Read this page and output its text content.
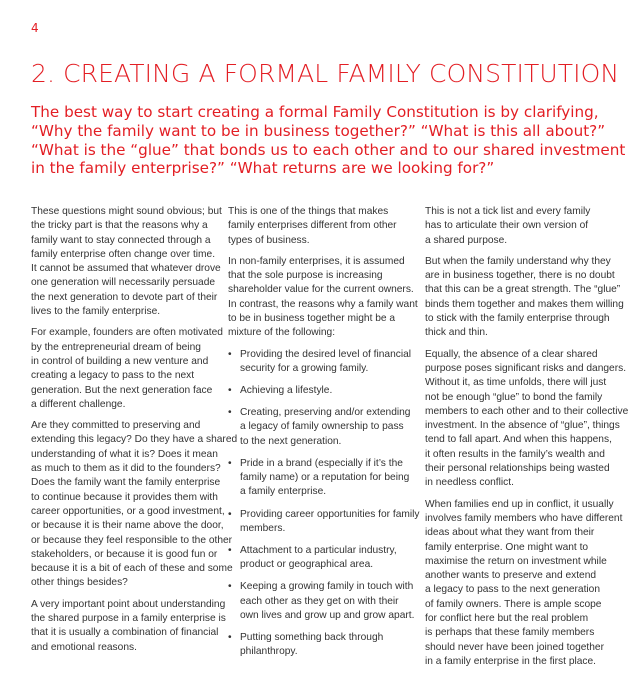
4
2. CREATING A FORMAL FAMILY CONSTITUTION
The best way to start creating a formal Family Constitution is by clarifying,
“Why the family want to be in business together?” “What is this all about?”
“What is the “glue” that bonds us to each other and to our shared investment
in the family enterprise?” “What returns are we looking for?”

These questions might sound obvious; but
the tricky part is that the reasons why a
family want to stay connected through a
family enterprise often change over time.
It cannot be assumed that whatever drove
one generation will necessarily persuade
the next generation to devote part of their
lives to the family enterprise.

For example, founders are often motivated
by the entrepreneurial dream of being
in control of building a new venture and
creating a legacy to pass to the next
generation. But the next generation face
a different challenge.

Are they committed to preserving and
extending this legacy? Do they have a shared
understanding of what it is? Does it mean
as much to them as it did to the founders?
Does the family want the family enterprise
to continue because it provides them with
career opportunities, or a good investment,
or because it is their name above the door,
or because they feel responsible to the other
stakeholders, or because it is good fun or
because it is a bit of each of these and some
other things besides?

A very important point about understanding
the shared purpose in a family enterprise is
that it is usually a combination of financial
and emotional reasons.

This is one of the things that makes
family enterprises different from other
types of business.

In non-family enterprises, it is assumed
that the sole purpose is increasing
shareholder value for the current owners.
In contrast, the reasons why a family want
to be in business together might be a
mixture of the following:

• Providing the desired level of financial
security for a growing family.
• Achieving a lifestyle.
• Creating, preserving and/or extending
a legacy of family ownership to pass
to the next generation.
• Pride in a brand (especially if it’s the
family name) or a reputation for being
a family enterprise.
• Providing career opportunities for family
members.
• Attachment to a particular industry,
product or geographical area.
• Keeping a growing family in touch with
each other as they get on with their
own lives and grow up and grow apart.
• Putting something back through
philanthropy.

This is not a tick list and every family
has to articulate their own version of
a shared purpose.

But when the family understand why they
are in business together, there is no doubt
that this can be a great strength. The “glue”
binds them together and makes them willing
to stick with the family enterprise through
thick and thin.

Equally, the absence of a clear shared
purpose poses significant risks and dangers.
Without it, as time unfolds, there will just
not be enough “glue” to bond the family
members to each other and to their collective
investment. In the absence of “glue”, things
tend to fall apart. And when this happens,
it often results in the family’s wealth and
their personal relationships being wasted
in needless conflict.

When families end up in conflict, it usually
involves family members who have different
ideas about what they want from their
family enterprise. One might want to
maximise the return on investment while
another wants to preserve and extend
a legacy to pass to the next generation
of family owners. There is ample scope
for conflict here but the real problem
is perhaps that these family members
should never have been joined together
in a family enterprise in the first place.
